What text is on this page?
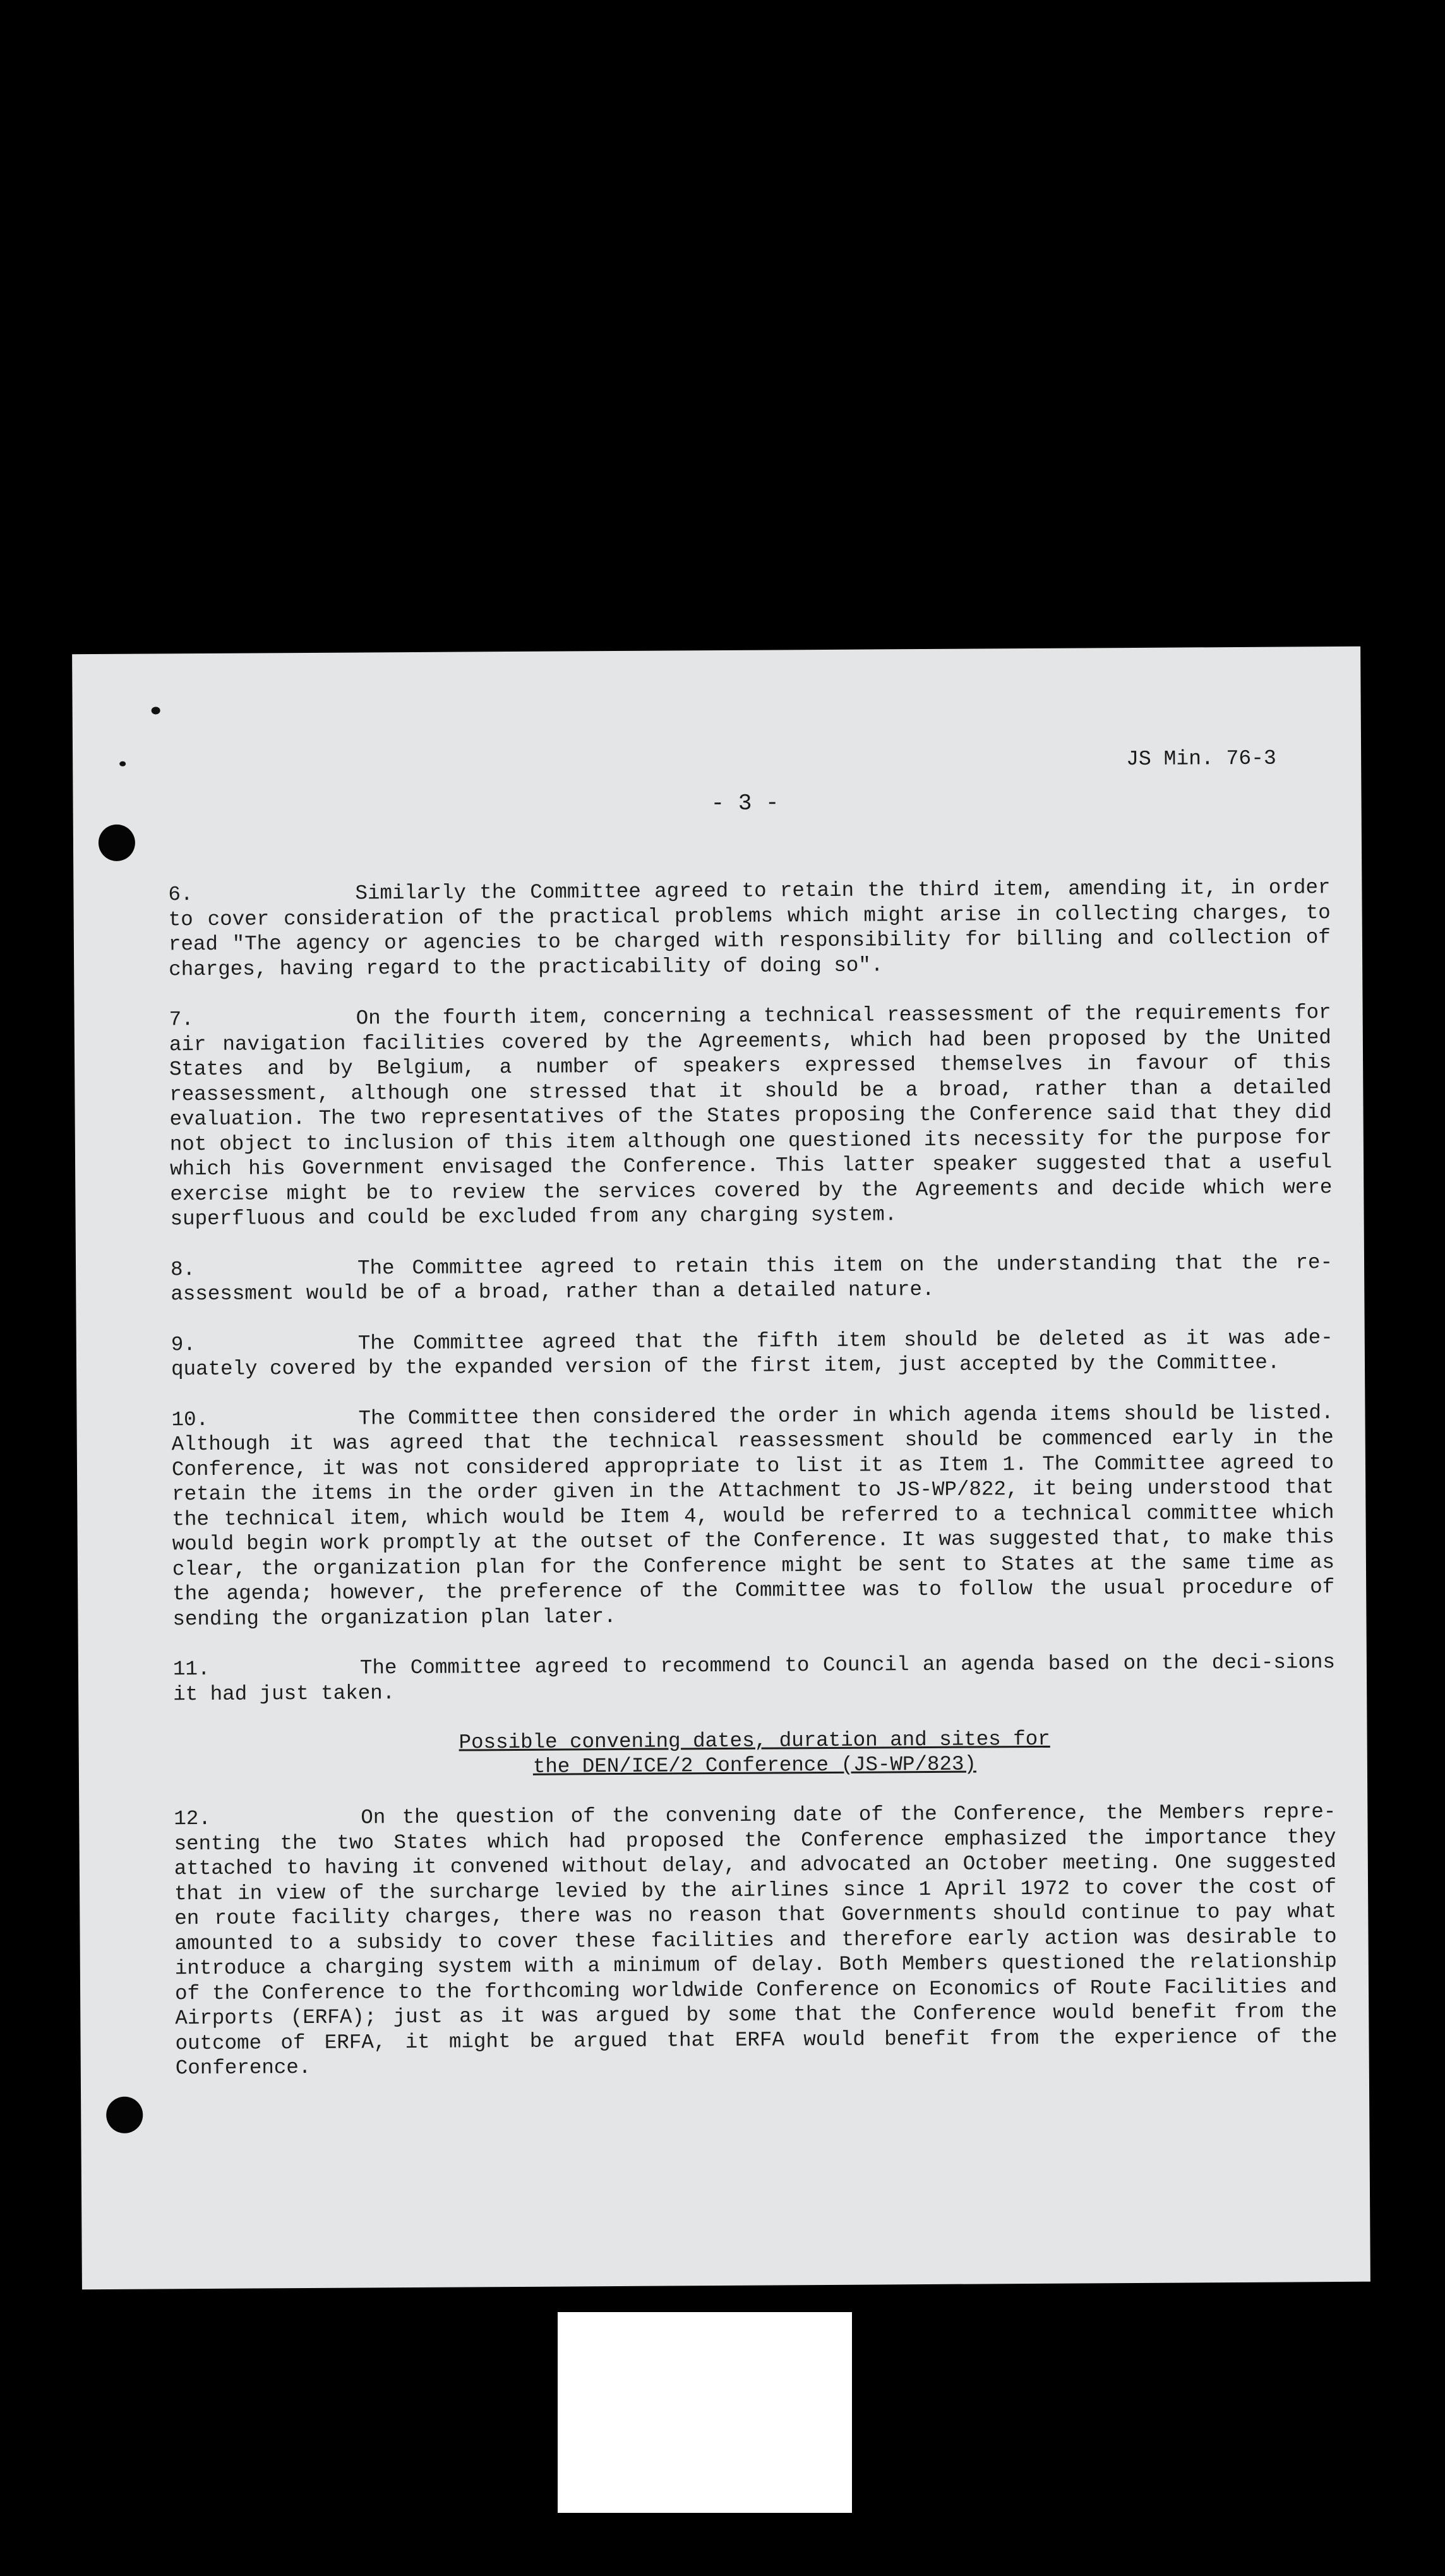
JS Min. 76-3
- 3 -

6.	Similarly the Committee agreed to retain the third item, amending it, in order to cover consideration of the practical problems which might arise in collecting charges, to read "The agency or agencies to be charged with responsibility for billing and collection of charges, having regard to the practicability of doing so".

7.	On the fourth item, concerning a technical reassessment of the requirements for air navigation facilities covered by the Agreements, which had been proposed by the United States and by Belgium, a number of speakers expressed themselves in favour of this reassessment, although one stressed that it should be a broad, rather than a detailed evaluation. The two representatives of the States proposing the Conference said that they did not object to inclusion of this item although one questioned its necessity for the purpose for which his Government envisaged the Conference. This latter speaker suggested that a useful exercise might be to review the services covered by the Agreements and decide which were superfluous and could be excluded from any charging system.

8.	The Committee agreed to retain this item on the understanding that the re-assessment would be of a broad, rather than a detailed nature.

9.	The Committee agreed that the fifth item should be deleted as it was ade-quately covered by the expanded version of the first item, just accepted by the Committee.

10.	The Committee then considered the order in which agenda items should be listed. Although it was agreed that the technical reassessment should be commenced early in the Conference, it was not considered appropriate to list it as Item 1. The Committee agreed to retain the items in the order given in the Attachment to JS-WP/822, it being understood that the technical item, which would be Item 4, would be referred to a technical committee which would begin work promptly at the outset of the Conference. It was suggested that, to make this clear, the organization plan for the Conference might be sent to States at the same time as the agenda; however, the preference of the Committee was to follow the usual procedure of sending the organization plan later.

11.	The Committee agreed to recommend to Council an agenda based on the deci-sions it had just taken.

Possible convening dates, duration and sites for
the DEN/ICE/2 Conference (JS-WP/823)

12.	On the question of the convening date of the Conference, the Members repre-senting the two States which had proposed the Conference emphasized the importance they attached to having it convened without delay, and advocated an October meeting. One suggested that in view of the surcharge levied by the airlines since 1 April 1972 to cover the cost of en route facility charges, there was no reason that Governments should continue to pay what amounted to a subsidy to cover these facilities and therefore early action was desirable to introduce a charging system with a minimum of delay. Both Members questioned the relationship of the Conference to the forthcoming worldwide Conference on Economics of Route Facilities and Airports (ERFA); just as it was argued by some that the Conference would benefit from the outcome of ERFA, it might be argued that ERFA would benefit from the experience of the Conference.
